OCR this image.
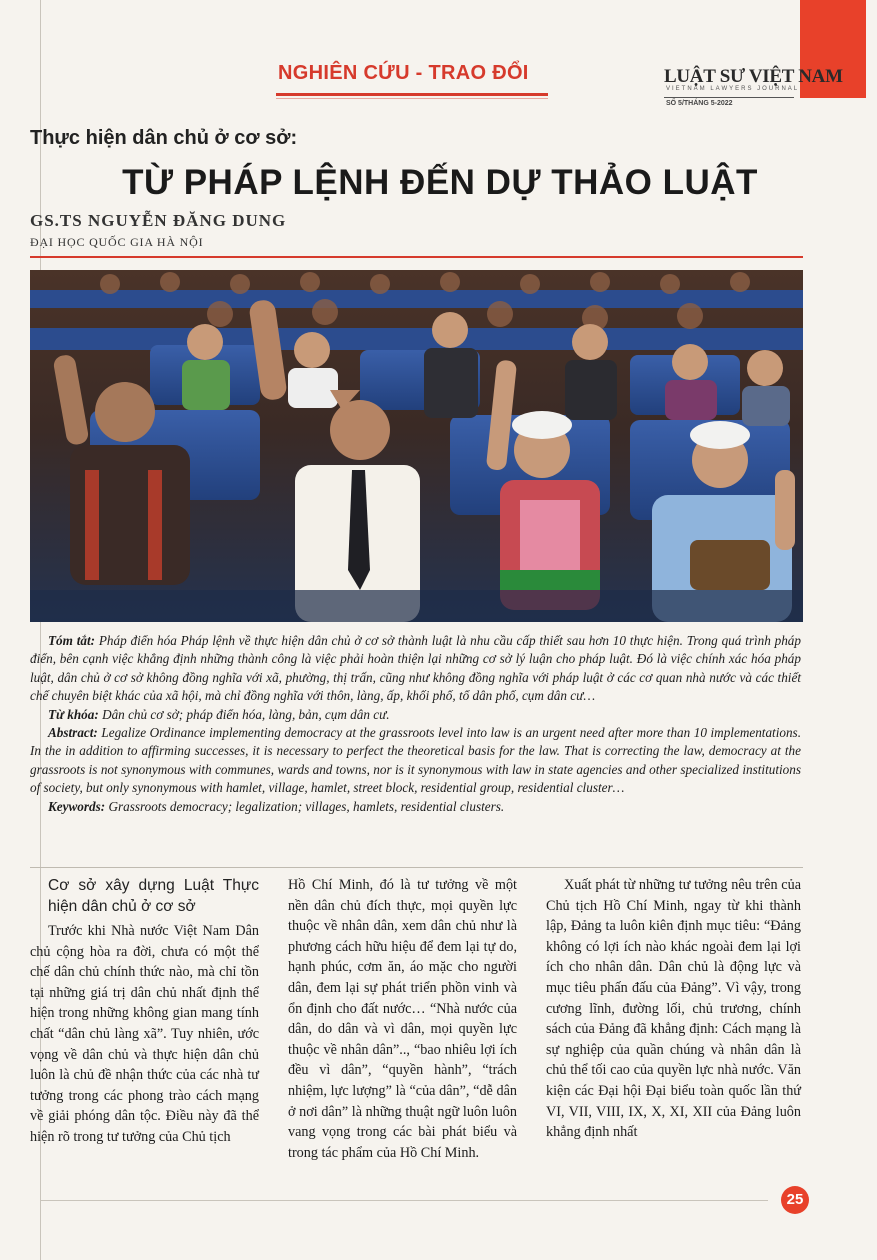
NGHIÊN CỨU - TRAO ĐỔI	LUẬT SƯ VIỆT NAM
VIETNAM LAWYERS JOURNAL
SỐ 5/THÁNG 5-2022
Thực hiện dân chủ ở cơ sở:
TỪ PHÁP LỆNH ĐẾN DỰ THẢO LUẬT
GS.TS NGUYỄN ĐĂNG DUNG
ĐẠI HỌC QUỐC GIA HÀ NỘI

Tóm tắt: Pháp điển hóa Pháp lệnh về thực hiện dân chủ ở cơ sở thành luật là nhu cầu cấp thiết sau hơn 10 thực hiện. Trong quá trình pháp điển, bên cạnh việc khẳng định những thành công là việc phải hoàn thiện lại những cơ sở lý luận cho pháp luật. Đó là việc chính xác hóa pháp luật, dân chủ ở cơ sở không đồng nghĩa với xã, phường, thị trấn, cũng như không đồng nghĩa với pháp luật ở các cơ quan nhà nước và các thiết chế chuyên biệt khác của xã hội, mà chỉ đồng nghĩa với thôn, làng, ấp, khối phố, tổ dân phố, cụm dân cư…

Từ khóa: Dân chủ cơ sở; pháp điển hóa, làng, bản, cụm dân cư.

Abstract: Legalize Ordinance implementing democracy at the grassroots level into law is an urgent need after more than 10 implementations. In the in addition to affirming successes, it is necessary to perfect the theoretical basis for the law. That is correcting the law, democracy at the grassroots is not synonymous with communes, wards and towns, nor is it synonymous with law in state agencies and other specialized institutions of society, but only synonymous with hamlet, village, hamlet, street block, residential group, residential cluster…

Keywords: Grassroots democracy; legalization; villages, hamlets, residential clusters.

Cơ sở xây dựng Luật Thực hiện dân chủ ở cơ sở

Trước khi Nhà nước Việt Nam Dân chủ cộng hòa ra đời, chưa có một thể chế dân chủ chính thức nào, mà chỉ tồn tại những giá trị dân chủ nhất định thể hiện trong những không gian mang tính chất “dân chủ làng xã”. Tuy nhiên, ước vọng về dân chủ và thực hiện dân chủ luôn là chủ đề nhận thức của các nhà tư tưởng trong các phong trào cách mạng về giải phóng dân tộc. Điều này đã thể hiện rõ trong tư tưởng của Chủ tịch

Hồ Chí Minh, đó là tư tưởng về một nền dân chủ đích thực, mọi quyền lực thuộc về nhân dân, xem dân chủ như là phương cách hữu hiệu để đem lại tự do, hạnh phúc, cơm ăn, áo mặc cho người dân, đem lại sự phát triển phồn vinh và ổn định cho đất nước… “Nhà nước của dân, do dân và vì dân, mọi quyền lực thuộc về nhân dân”.., “bao nhiêu lợi ích đều vì dân”, “quyền hành”, “trách nhiệm, lực lượng” là “của dân”, “dễ dân ở nơi dân” là những thuật ngữ luôn luôn vang vọng trong các bài phát biểu và trong tác phẩm của Hồ Chí Minh.

Xuất phát từ những tư tưởng nêu trên của Chủ tịch Hồ Chí Minh, ngay từ khi thành lập, Đảng ta luôn kiên định mục tiêu: “Đảng không có lợi ích nào khác ngoài đem lại lợi ích cho nhân dân. Dân chủ là động lực và mục tiêu phấn đấu của Đảng”. Vì vậy, trong cương lĩnh, đường lối, chủ trương, chính sách của Đảng đã khẳng định: Cách mạng là sự nghiệp của quần chúng và nhân dân là chủ thể tối cao của quyền lực nhà nước. Văn kiện các Đại hội Đại biểu toàn quốc lần thứ VI, VII, VIII, IX, X, XI, XII của Đảng luôn khẳng định nhất

25
